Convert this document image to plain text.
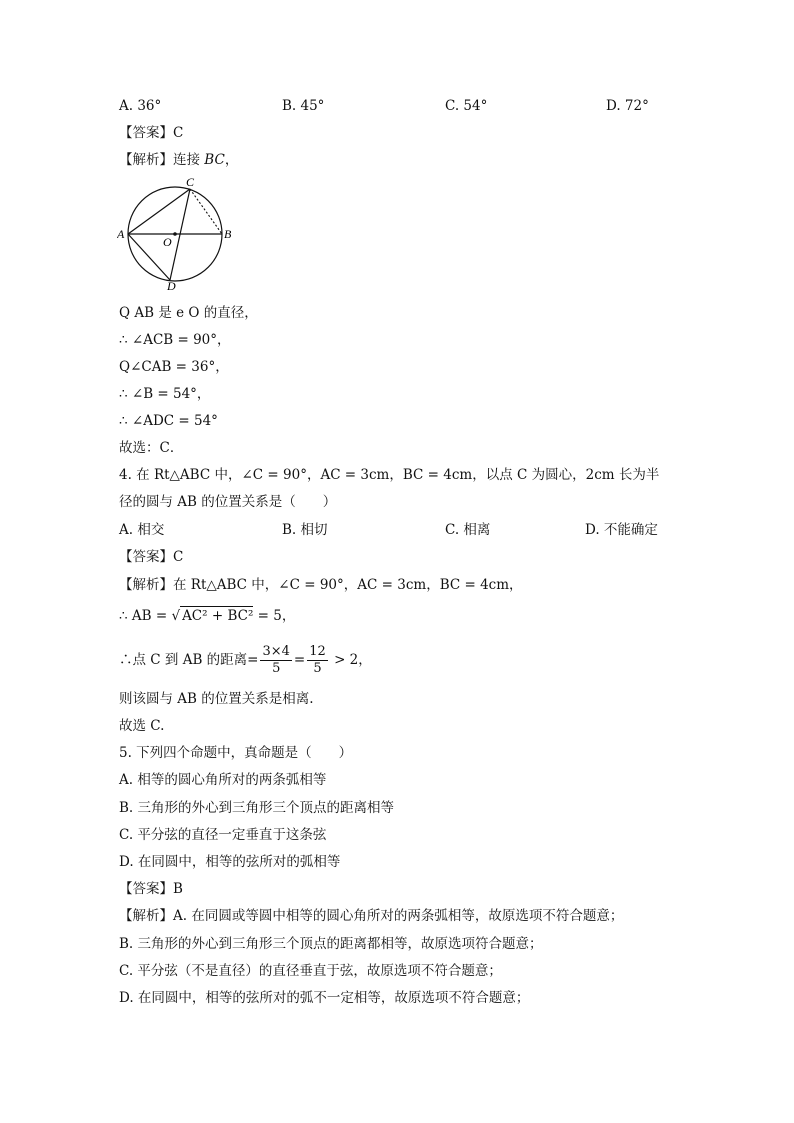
A. 36°	B. 45°	C. 54°	D. 72°
【答案】C
【解析】连接 BC，
C
A	B
O
D
Q AB 是 e O 的直径，
∴ ∠ACB = 90°，
Q∠CAB = 36°，
∴ ∠B = 54°，
∴ ∠ADC = 54°
故选：C．
4. 在 Rt△ABC 中，∠C = 90°，AC = 3cm，BC = 4cm，以点 C 为圆心，2cm 长为半
径的圆与 AB 的位置关系是（　　）
A. 相交	B. 相切	C. 相离	D. 不能确定
【答案】C
【解析】在 Rt△ABC 中，∠C = 90°，AC = 3cm，BC = 4cm，
∴ AB = √ AC² + BC² = 5，
∴点 C 到 AB 的距离= $\frac{3\times 4}{5} = \frac{12}{5} > 2$，
则该圆与 AB 的位置关系是相离.
故选 C.
5. 下列四个命题中，真命题是（　　）
A. 相等的圆心角所对的两条弧相等
B. 三角形的外心到三角形三个顶点的距离相等
C. 平分弦的直径一定垂直于这条弦
D. 在同圆中，相等的弦所对的弧相等
【答案】B
【解析】A. 在同圆或等圆中相等的圆心角所对的两条弧相等，故原选项不符合题意；
B. 三角形的外心到三角形三个顶点的距离都相等，故原选项符合题意；
C. 平分弦（不是直径）的直径垂直于弦，故原选项不符合题意；
D. 在同圆中，相等的弦所对的弧不一定相等，故原选项不符合题意；
